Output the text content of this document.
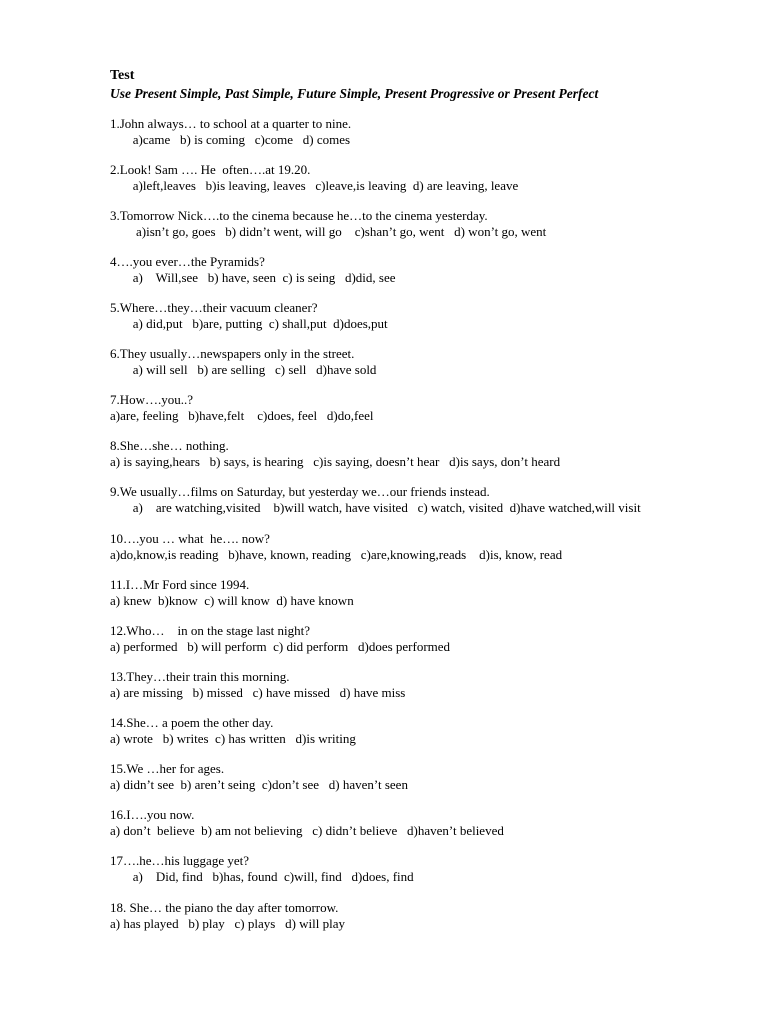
Test
Use Present Simple, Past Simple, Future Simple, Present Progressive or Present Perfect
1.John always… to school at a quarter to nine.
a)came   b) is coming   c)come   d) comes
2.Look! Sam …. He  often….at 19.20.
a)left,leaves   b)is leaving, leaves   c)leave,is leaving  d) are leaving, leave
3.Tomorrow Nick….to the cinema because he…to the cinema yesterday.
a)isn’t go, goes   b) didn’t went, will go    c)shan’t go, went   d) won’t go, went
4….you ever…the Pyramids?
a)    Will,see   b) have, seen  c) is seing   d)did, see
5.Where…they…their vacuum cleaner?
a) did,put   b)are, putting  c) shall,put  d)does,put
6.They usually…newspapers only in the street.
a) will sell   b) are selling   c) sell   d)have sold
7.How….you..?
a)are, feeling   b)have,felt    c)does, feel   d)do,feel
8.She…she… nothing.
a) is saying,hears   b) says, is hearing   c)is saying, doesn’t hear   d)is says, don’t heard
9.We usually…films on Saturday, but yesterday we…our friends instead.
a)    are watching,visited    b)will watch, have visited   c) watch, visited  d)have watched,will visit
10….you … what  he…. now?
a)do,know,is reading   b)have, known, reading   c)are,knowing,reads    d)is, know, read
11.I…Mr Ford since 1994.
a) knew  b)know  c) will know  d) have known
12.Who…    in on the stage last night?
a) performed   b) will perform  c) did perform   d)does performed
13.They…their train this morning.
a) are missing   b) missed   c) have missed   d) have miss
14.She… a poem the other day.
a) wrote   b) writes  c) has written   d)is writing
15.We …her for ages.
a) didn’t see  b) aren’t seing  c)don’t see   d) haven’t seen
16.I….you now.
a) don’t  believe  b) am not believing   c) didn’t believe   d)haven’t believed
17….he…his luggage yet?
a)    Did, find   b)has, found  c)will, find   d)does, find
18. She… the piano the day after tomorrow.
a) has played   b) play   c) plays   d) will play
